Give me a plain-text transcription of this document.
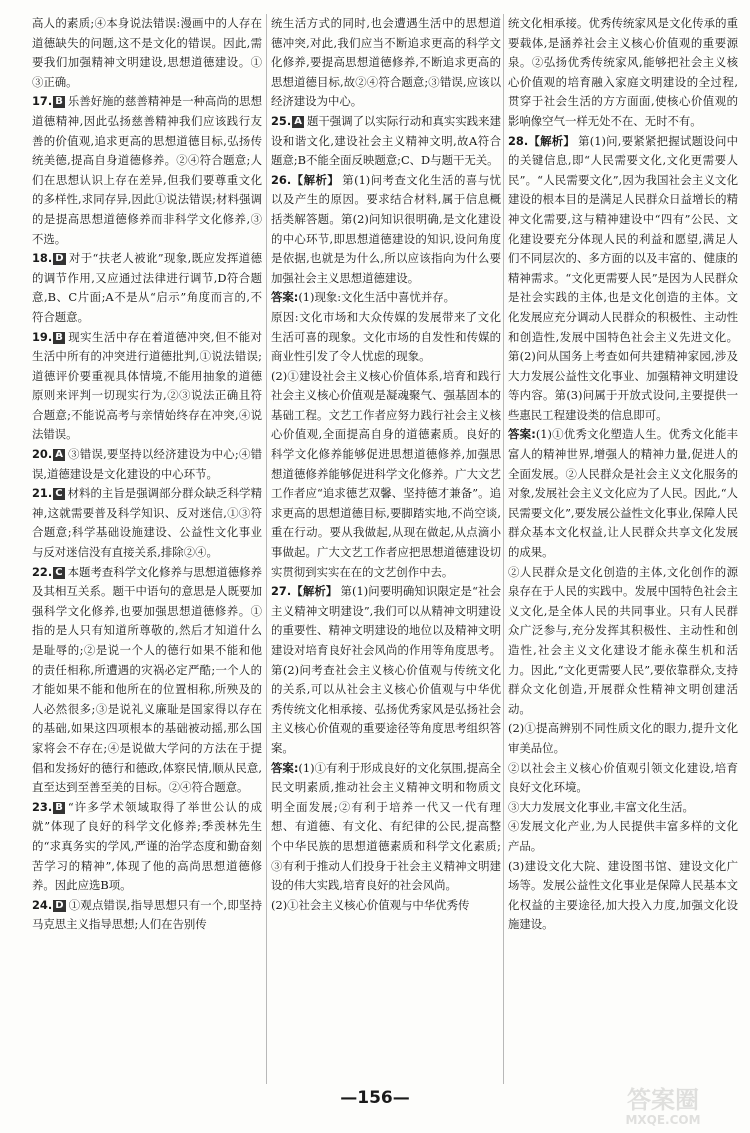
高人的素质;④本身说法错误:漫画中的人存在道德缺失的问题,这不是文化的错误。因此,需要我们加强精神文明建设,思想道德建设。①③正确。

17. B 乐善好施的慈善精神是一种高尚的思想道德精神,因此弘扬慈善精神我们应该践行友善的价值观,追求更高的思想道德目标,弘扬传统美德,提高自身道德修养。②④符合题意;人们在思想认识上存在差异,但我们要尊重文化的多样性,求同存异,因此①说法错误;材料强调的是提高思想道德修养而非科学文化修养,③不选。

18. D 对于“扶老人被讹”现象,既应发挥道德的调节作用,又应通过法律进行调节,D符合题意,B、C片面;A不是从“启示”角度而言的,不符合题意。

19. B 现实生活中存在着道德冲突,但不能对生活中所有的冲突进行道德批判,①说法错误;道德评价要重视具体情境,不能用抽象的道德原则来评判一切现实行为,②③说法正确且符合题意;不能说高考与亲情始终存在冲突,④说法错误。

20. A ③错误,要坚持以经济建设为中心;④错误,道德建设是文化建设的中心环节。

21. C 材料的主旨是强调部分群众缺乏科学精神,这就需要普及科学知识、反对迷信,①③符合题意;科学基础设施建设、公益性文化事业与反对迷信没有直接关系,排除②④。

22. C 本题考查科学文化修养与思想道德修养及其相互关系。题干中语句的意思是人既要加强科学文化修养,也要加强思想道德修养。①指的是人只有知道所尊敬的,然后才知道什么是耻辱的;②是说一个人的德行如果不能和他的责任相称,所遭遇的灾祸必定严酷;一个人的才能如果不能和他所在的位置相称,所殃及的人必然很多;③是说礼义廉耻是国家得以存在的基础,如果这四项根本的基础被动摇,那么国家将会不存在;④是说做大学问的方法在于提倡和发扬好的德行和德政,体察民情,顺从民意,直至达到至善至美的目标。②④符合题意。

23. B “许多学术领域取得了举世公认的成就”体现了良好的科学文化修养;季羡林先生的“求真务实的学风,严谨的治学态度和勤奋刻苦学习的精神”,体现了他的高尚思想道德修养。因此应选B项。

24. D ①观点错误,指导思想只有一个,即坚持马克思主义指导思想;人们在告别传

统生活方式的同时,也会遭遇生活中的思想道德冲突,对此,我们应当不断追求更高的科学文化修养,要提高思想道德修养,不断追求更高的思想道德目标,故②④符合题意;③错误,应该以经济建设为中心。

25. A 题干强调了以实际行动和真实实践来建设和谐文化,建设社会主义精神文明,故A符合题意;B不能全面反映题意;C、D与题干无关。

26.【解析】 第(1)问考查文化生活的喜与忧以及产生的原因。要求结合材料,属于信息概括类解答题。第(2)问知识很明确,是文化建设的中心环节,即思想道德建设的知识,设问角度是依据,也就是为什么,所以应该指向为什么要加强社会主义思想道德建设。

答案:(1)现象:文化生活中喜忧并存。

原因:文化市场和大众传媒的发展带来了文化生活可喜的现象。文化市场的自发性和传媒的商业性引发了令人忧虑的现象。

(2)①建设社会主义核心价值体系,培育和践行社会主义核心价值观是凝魂聚气、强基固本的基础工程。文艺工作者应努力践行社会主义核心价值观,全面提高自身的道德素质。良好的科学文化修养能够促进思想道德修养,加强思想道德修养能够促进科学文化修养。广大文艺工作者应“追求德艺双馨、坚持德才兼备”。追求更高的思想道德目标,要脚踏实地,不尚空谈,重在行动。要从我做起,从现在做起,从点滴小事做起。广大文艺工作者应把思想道德建设切实贯彻到实实在在的文艺创作中去。

27.【解析】 第(1)问要明确知识限定是“社会主义精神文明建设”,我们可以从精神文明建设的重要性、精神文明建设的地位以及精神文明建设对培育良好社会风尚的作用等角度思考。第(2)问考查社会主义核心价值观与传统文化的关系,可以从社会主义核心价值观与中华优秀传统文化相承接、弘扬优秀家风是弘扬社会主义核心价值观的重要途径等角度思考组织答案。

答案:(1)①有利于形成良好的文化氛围,提高全民文明素质,推动社会主义精神文明和物质文明全面发展;②有利于培养一代又一代有理想、有道德、有文化、有纪律的公民,提高整个中华民族的思想道德素质和科学文化素质;③有利于推动人们投身于社会主义精神文明建设的伟大实践,培育良好的社会风尚。

(2)①社会主义核心价值观与中华优秀传

统文化相承接。优秀传统家风是文化传承的重要载体,是涵养社会主义核心价值观的重要源泉。②弘扬优秀传统家风,能够把社会主义核心价值观的培育融入家庭文明建设的全过程,贯穿于社会生活的方方面面,使核心价值观的影响像空气一样无处不在、无时不有。

28.【解析】 第(1)问,要紧紧把握试题设问中的关键信息,即“人民需要文化,文化更需要人民”。“人民需要文化”,因为我国社会主义文化建设的根本目的是满足人民群众日益增长的精神文化需要,这与精神建设中“四有”公民、文化建设要充分体现人民的利益和愿望,满足人们不同层次的、多方面的以及丰富的、健康的精神需求。“文化更需要人民”是因为人民群众是社会实践的主体,也是文化创造的主体。文化发展应充分调动人民群众的积极性、主动性和创造性,发展中国特色社会主义先进文化。第(2)问从国务上考查如何共建精神家园,涉及大力发展公益性文化事业、加强精神文明建设等内容。第(3)问属于开放式设问,主要提供一些惠民工程建设类的信息即可。

答案:(1)①优秀文化塑造人生。优秀文化能丰富人的精神世界,增强人的精神力量,促进人的全面发展。②人民群众是社会主义文化服务的对象,发展社会主义文化应为了人民。因此,“人民需要文化”,要发展公益性文化事业,保障人民群众基本文化权益,让人民群众共享文化发展的成果。

②人民群众是文化创造的主体,文化创作的源泉存在于人民的实践中。发展中国特色社会主义文化,是全体人民的共同事业。只有人民群众广泛参与,充分发挥其积极性、主动性和创造性,社会主义文化建设才能永葆生机和活力。因此,“文化更需要人民”,要依靠群众,支持群众文化创造,开展群众性精神文明创建活动。

(2)①提高辨别不同性质文化的眼力,提升文化审美品位。

②以社会主义核心价值观引领文化建设,培育良好文化环境。

③大力发展文化事业,丰富文化生活。

④发展文化产业,为人民提供丰富多样的文化产品。

(3)建设文化大院、建设图书馆、建设文化广场等。发展公益性文化事业是保障人民基本文化权益的主要途径,加大投入力度,加强文化设施建设。

—156—	答案圈
MXQE.COM
